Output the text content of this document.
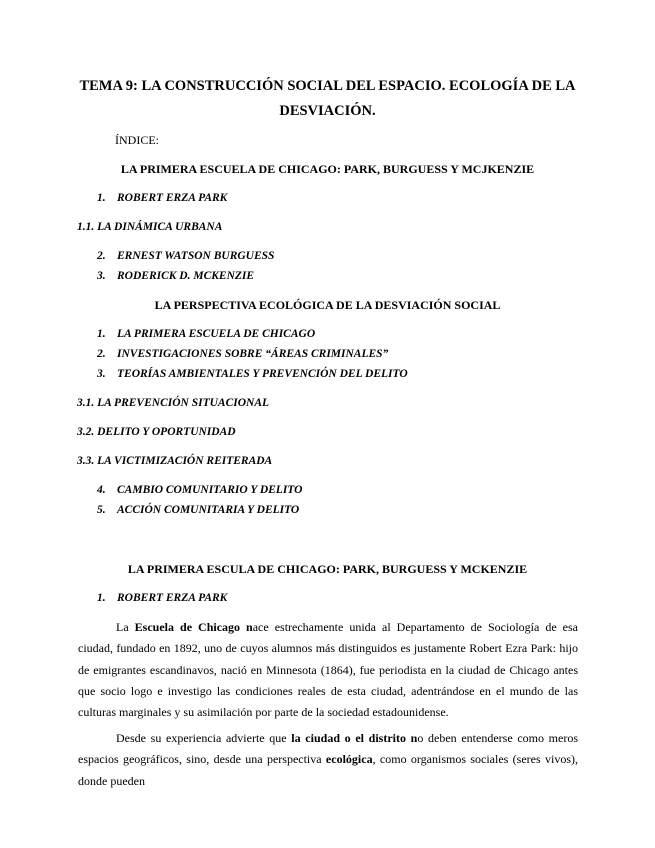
TEMA 9: LA CONSTRUCCIÓN SOCIAL DEL ESPACIO. ECOLOGÍA DE LA DESVIACIÓN.
ÍNDICE:
LA PRIMERA ESCUELA DE CHICAGO: PARK, BURGUESS Y MCJKENZIE
1. ROBERT ERZA PARK
1.1. LA DINÁMICA URBANA
2. ERNEST WATSON BURGUESS
3. RODERICK D. MCKENZIE
LA PERSPECTIVA ECOLÓGICA DE LA DESVIACIÓN SOCIAL
1. LA PRIMERA ESCUELA DE CHICAGO
2. INVESTIGACIONES SOBRE “ÁREAS CRIMINALES”
3. TEORÍAS AMBIENTALES Y PREVENCIÓN DEL DELITO
3.1. LA PREVENCIÓN SITUACIONAL
3.2. DELITO Y OPORTUNIDAD
3.3. LA VICTIMIZACIÓN REITERADA
4. CAMBIO COMUNITARIO Y DELITO
5. ACCIÓN COMUNITARIA Y DELITO
LA PRIMERA ESCULA DE CHICAGO: PARK, BURGUESS Y MCKENZIE
1. ROBERT ERZA PARK
La Escuela de Chicago nace estrechamente unida al Departamento de Sociología de esa ciudad, fundado en 1892, uno de cuyos alumnos más distinguidos es justamente Robert Ezra Park: hijo de emigrantes escandinavos, nació en Minnesota (1864), fue periodista en la ciudad de Chicago antes que socio logo e investigo las condiciones reales de esta ciudad, adentrándose en el mundo de las culturas marginales y su asimilación por parte de la sociedad estadounidense.
Desde su experiencia advierte que la ciudad o el distrito no deben entenderse como meros espacios geográficos, sino, desde una perspectiva ecológica, como organismos sociales (seres vivos), donde pueden
